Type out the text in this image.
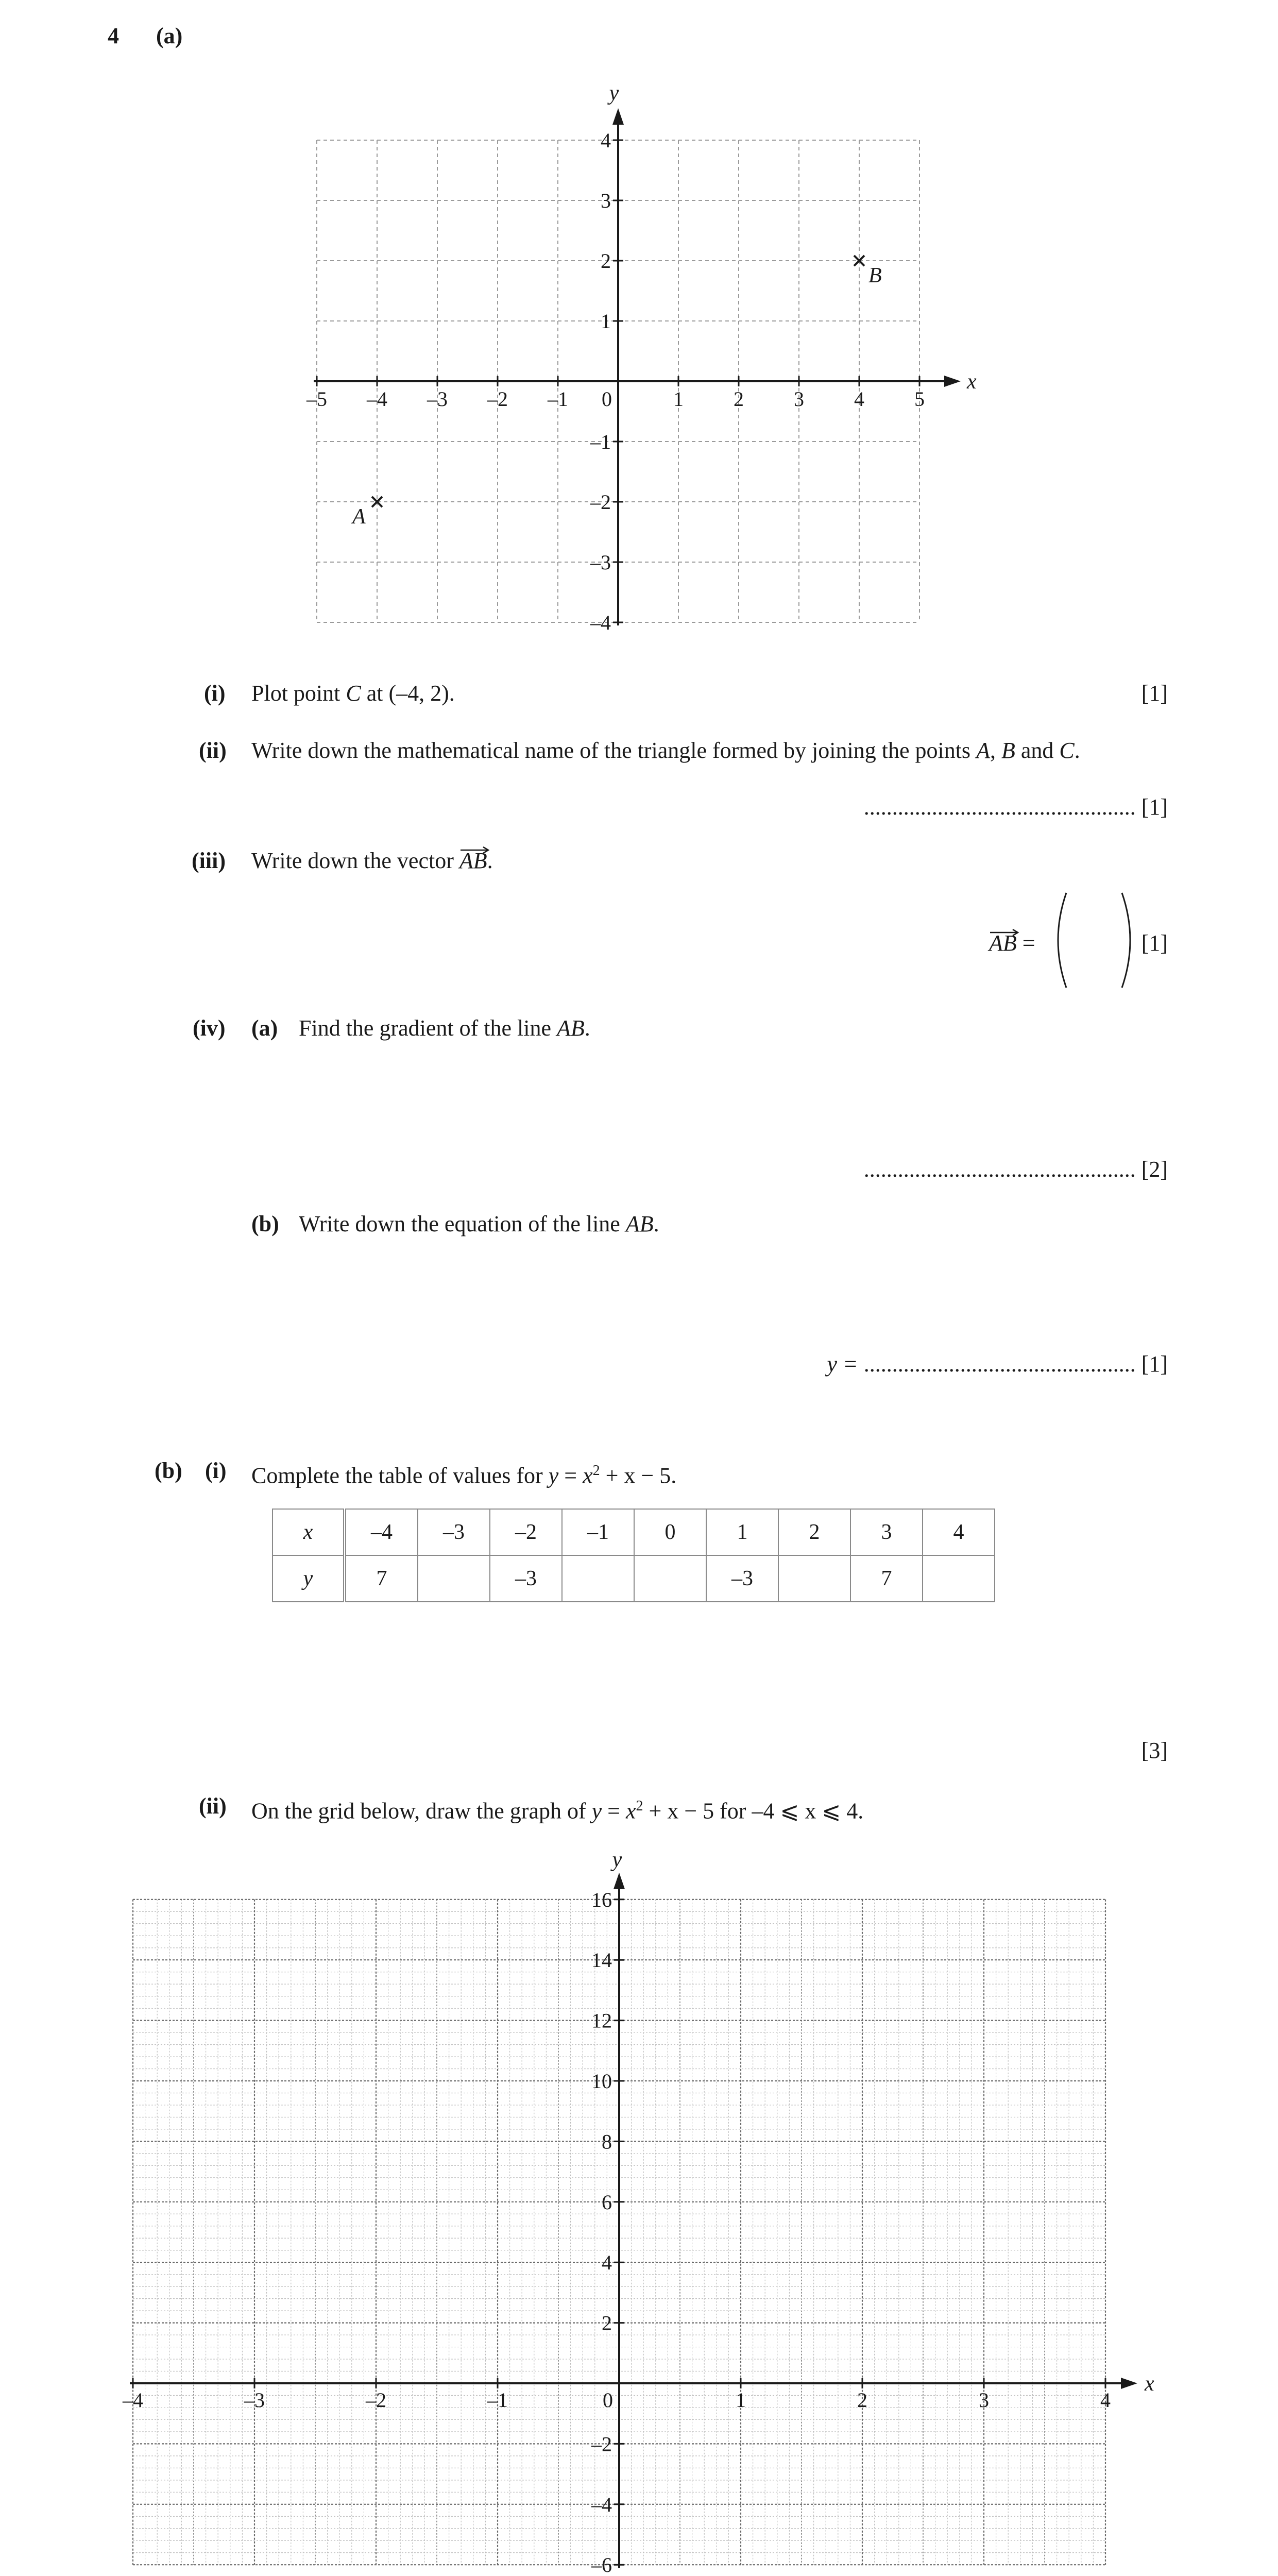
4 (a)
–5 –4 –3 –2 –1 0	1 2 3 4 5
4
3
2
1
–1
–2
–3
–4
x
y
A
B
(i) Plot point C at (–4, 2).	[1]
(ii) Write down the mathematical name of the triangle formed by joining the points A, B and C.
................................................ [1]
(iii) Write down the vector
AB.
AB =	[1]
(iv) (a) Find the gradient of the line AB.
................................................ [2]
(b) Write down the equation of the line AB.
y = ................................................ [1]
(b) (i) Complete the table of values for $y = x^2 + x - 5$.
x	–4	–3	–2	–1	0	1	2	3	4
y	7		–3			–3		7	
[3]
(ii) On the grid below, draw the graph of $y = x^2 + x - 5$ for –4 ⩽ x ⩽ 4.
–4	–3	–2	–1	0	1	2	3	4
16
14
12
10
8
6
4
2
–2
–4
–6
x
y
